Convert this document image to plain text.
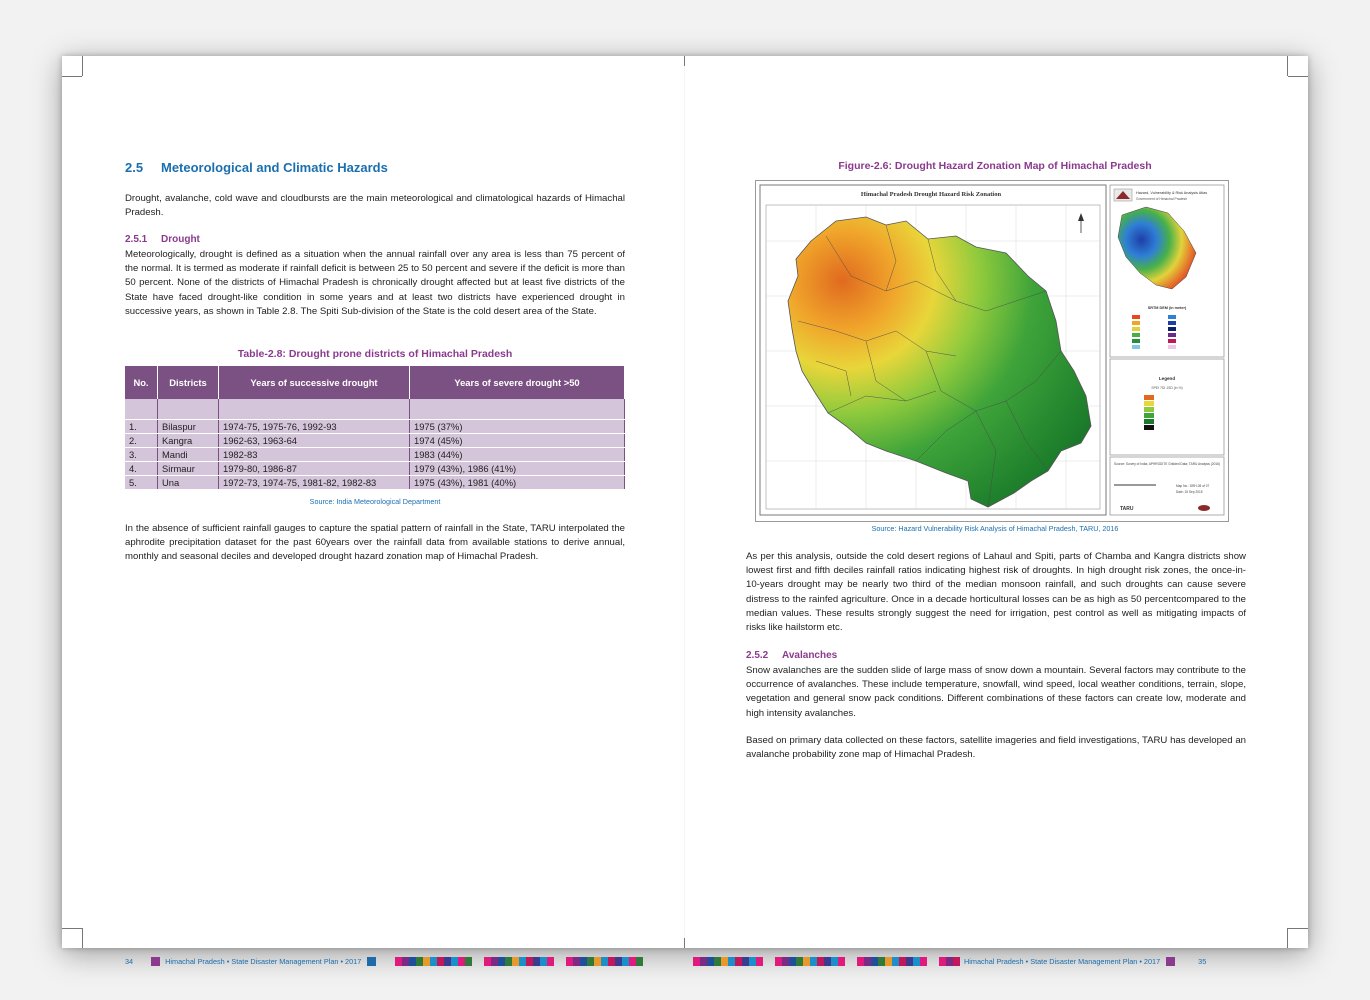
2.5 Meteorological and Climatic Hazards
Drought, avalanche, cold wave and cloudbursts are the main meteorological and climatological hazards of Himachal Pradesh.
2.5.1 Drought
Meteorologically, drought is defined as a situation when the annual rainfall over any area is less than 75 percent of the normal. It is termed as moderate if rainfall deficit is between 25 to 50 percent and severe if the deficit is more than 50 percent. None of the districts of Himachal Pradesh is chronically drought affected but at least five districts of the State have faced drought-like condition in some years and at least two districts have experienced drought in successive years, as shown in Table 2.8. The Spiti Sub-division of the State is the cold desert area of the State.
Table-2.8: Drought prone districts of Himachal Pradesh
No.	Districts	Years of successive drought	Years of severe drought >50

1.	Bilaspur	1974-75, 1975-76, 1992-93	1975 (37%)
2.	Kangra	1962-63, 1963-64	1974 (45%)
3.	Mandi	1982-83	1983 (44%)
4.	Sirmaur	1979-80, 1986-87	1979 (43%), 1986 (41%)
5.	Una	1972-73, 1974-75, 1981-82, 1982-83	1975 (43%), 1981 (40%)
Source: India Meteorological Department
In the absence of sufficient rainfall gauges to capture the spatial pattern of rainfall in the State, TARU interpolated the aphrodite precipitation dataset for the past 60years over the rainfall data from available stations to derive annual, monthly and seasonal deciles and developed drought hazard zonation map of Himachal Pradesh.
34	Himachal Pradesh • State Disaster Management Plan • 2017
Figure-2.6: Drought Hazard Zonation Map of Himachal Pradesh
Himachal Pradesh Drought Hazard Risk Zonation	Hazard, Vulnerability & Risk Analysis Atlas
Government of Himachal Pradesh
SRTM DEM (in meter)
Legend
SPEI 7DI 1SD (in %)
Source: Survey of India; APHRODITE Gridded Data; TARU Analysis (2016)
Map No.: DRH-05 of 07
Date: 15 Sep 2015
TARU
Source: Hazard Vulnerability Risk Analysis of Himachal Pradesh, TARU, 2016
As per this analysis, outside the cold desert regions of Lahaul and Spiti, parts of Chamba and Kangra districts show lowest first and fifth deciles rainfall ratios indicating highest risk of droughts. In high drought risk zones, the once-in-10-years drought may be nearly two third of the median monsoon rainfall, and such droughts can cause severe distress to the rainfed agriculture. Once in a decade horticultural losses can be as high as 50 percentcompared to the median values. These results strongly suggest the need for irrigation, pest control as well as mitigating impacts of risks like hailstorm etc.
2.5.2 Avalanches
Snow avalanches are the sudden slide of large mass of snow down a mountain. Several factors may contribute to the occurrence of avalanches. These include temperature, snowfall, wind speed, local weather conditions, terrain, slope, vegetation and general snow pack conditions. Different combinations of these factors can create low, moderate and high intensity avalanches.
Based on primary data collected on these factors, satellite imageries and field investigations, TARU has developed an avalanche probability zone map of Himachal Pradesh.
Himachal Pradesh • State Disaster Management Plan • 2017	35
